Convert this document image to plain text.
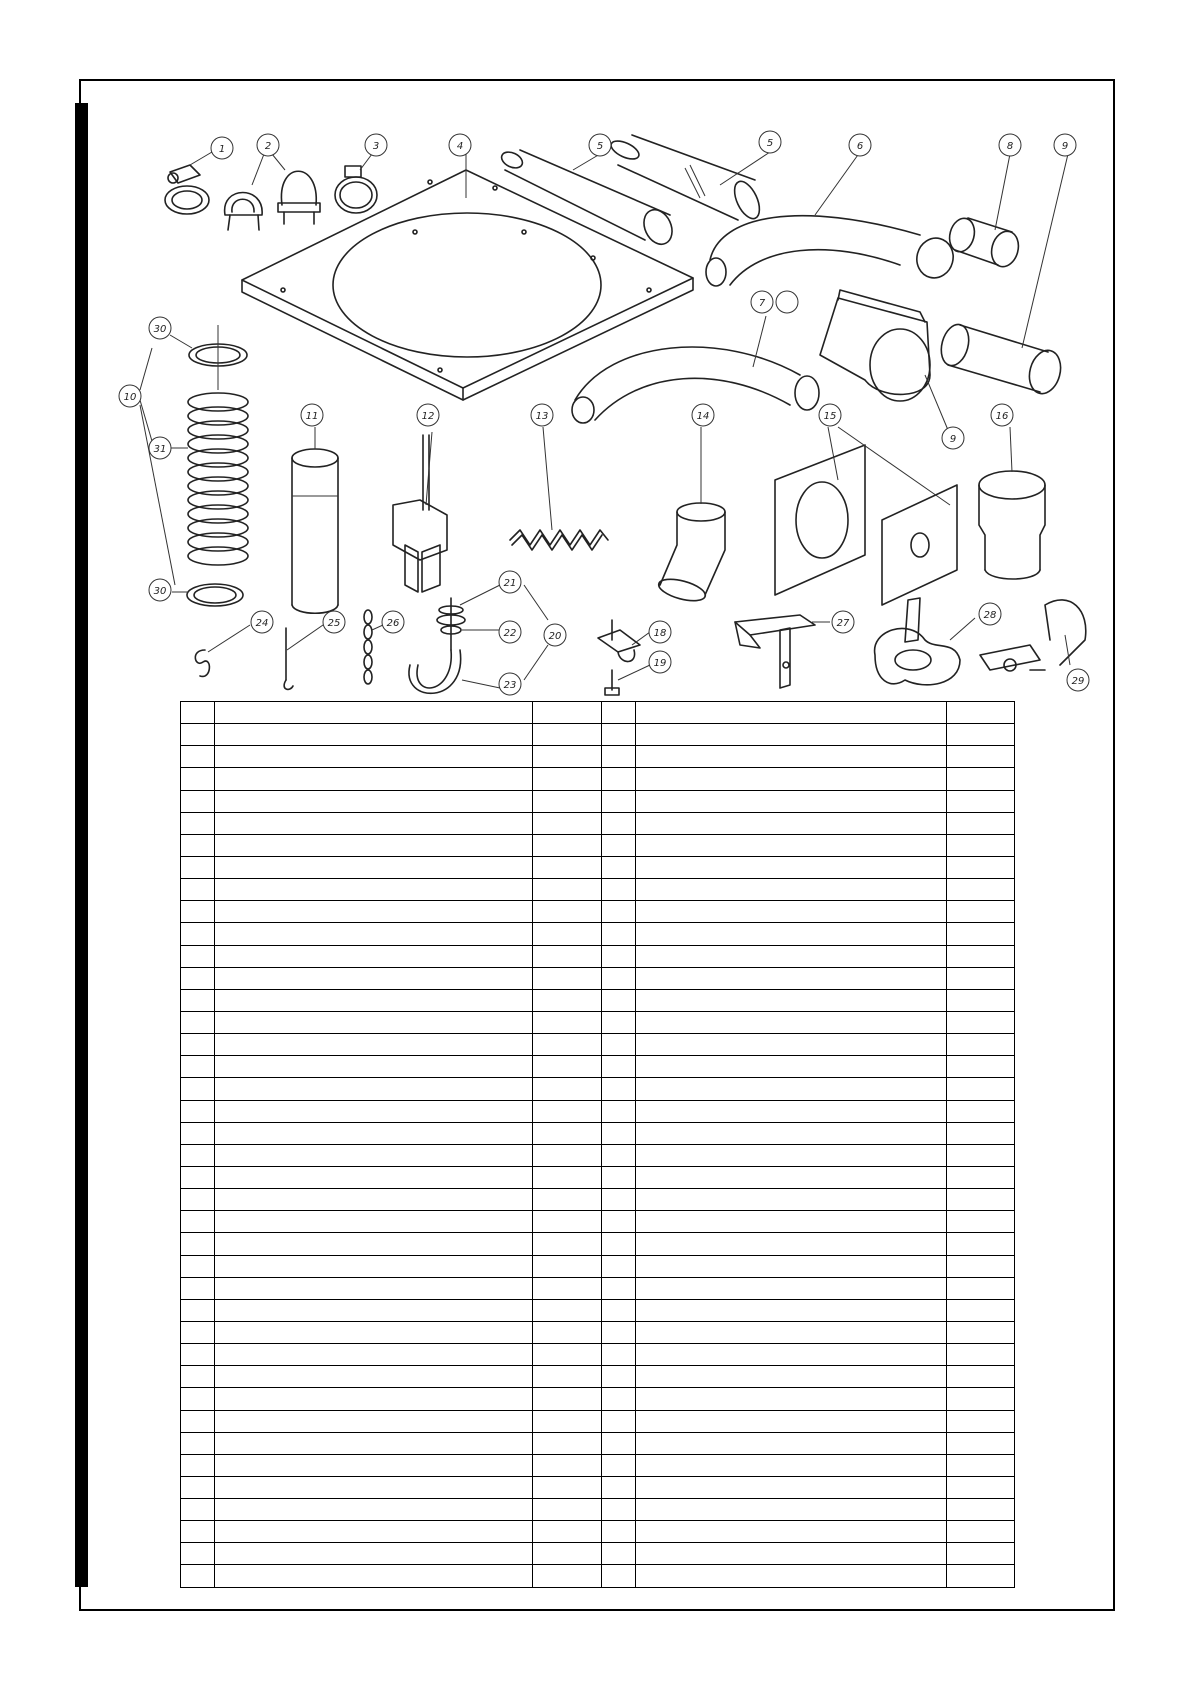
1	2	3	4	5	5	6
7
8	9
9
10
11	12	13	14	15	16
18
19
20
21
22
23
24	25	26	27
28
29
30
30
31
